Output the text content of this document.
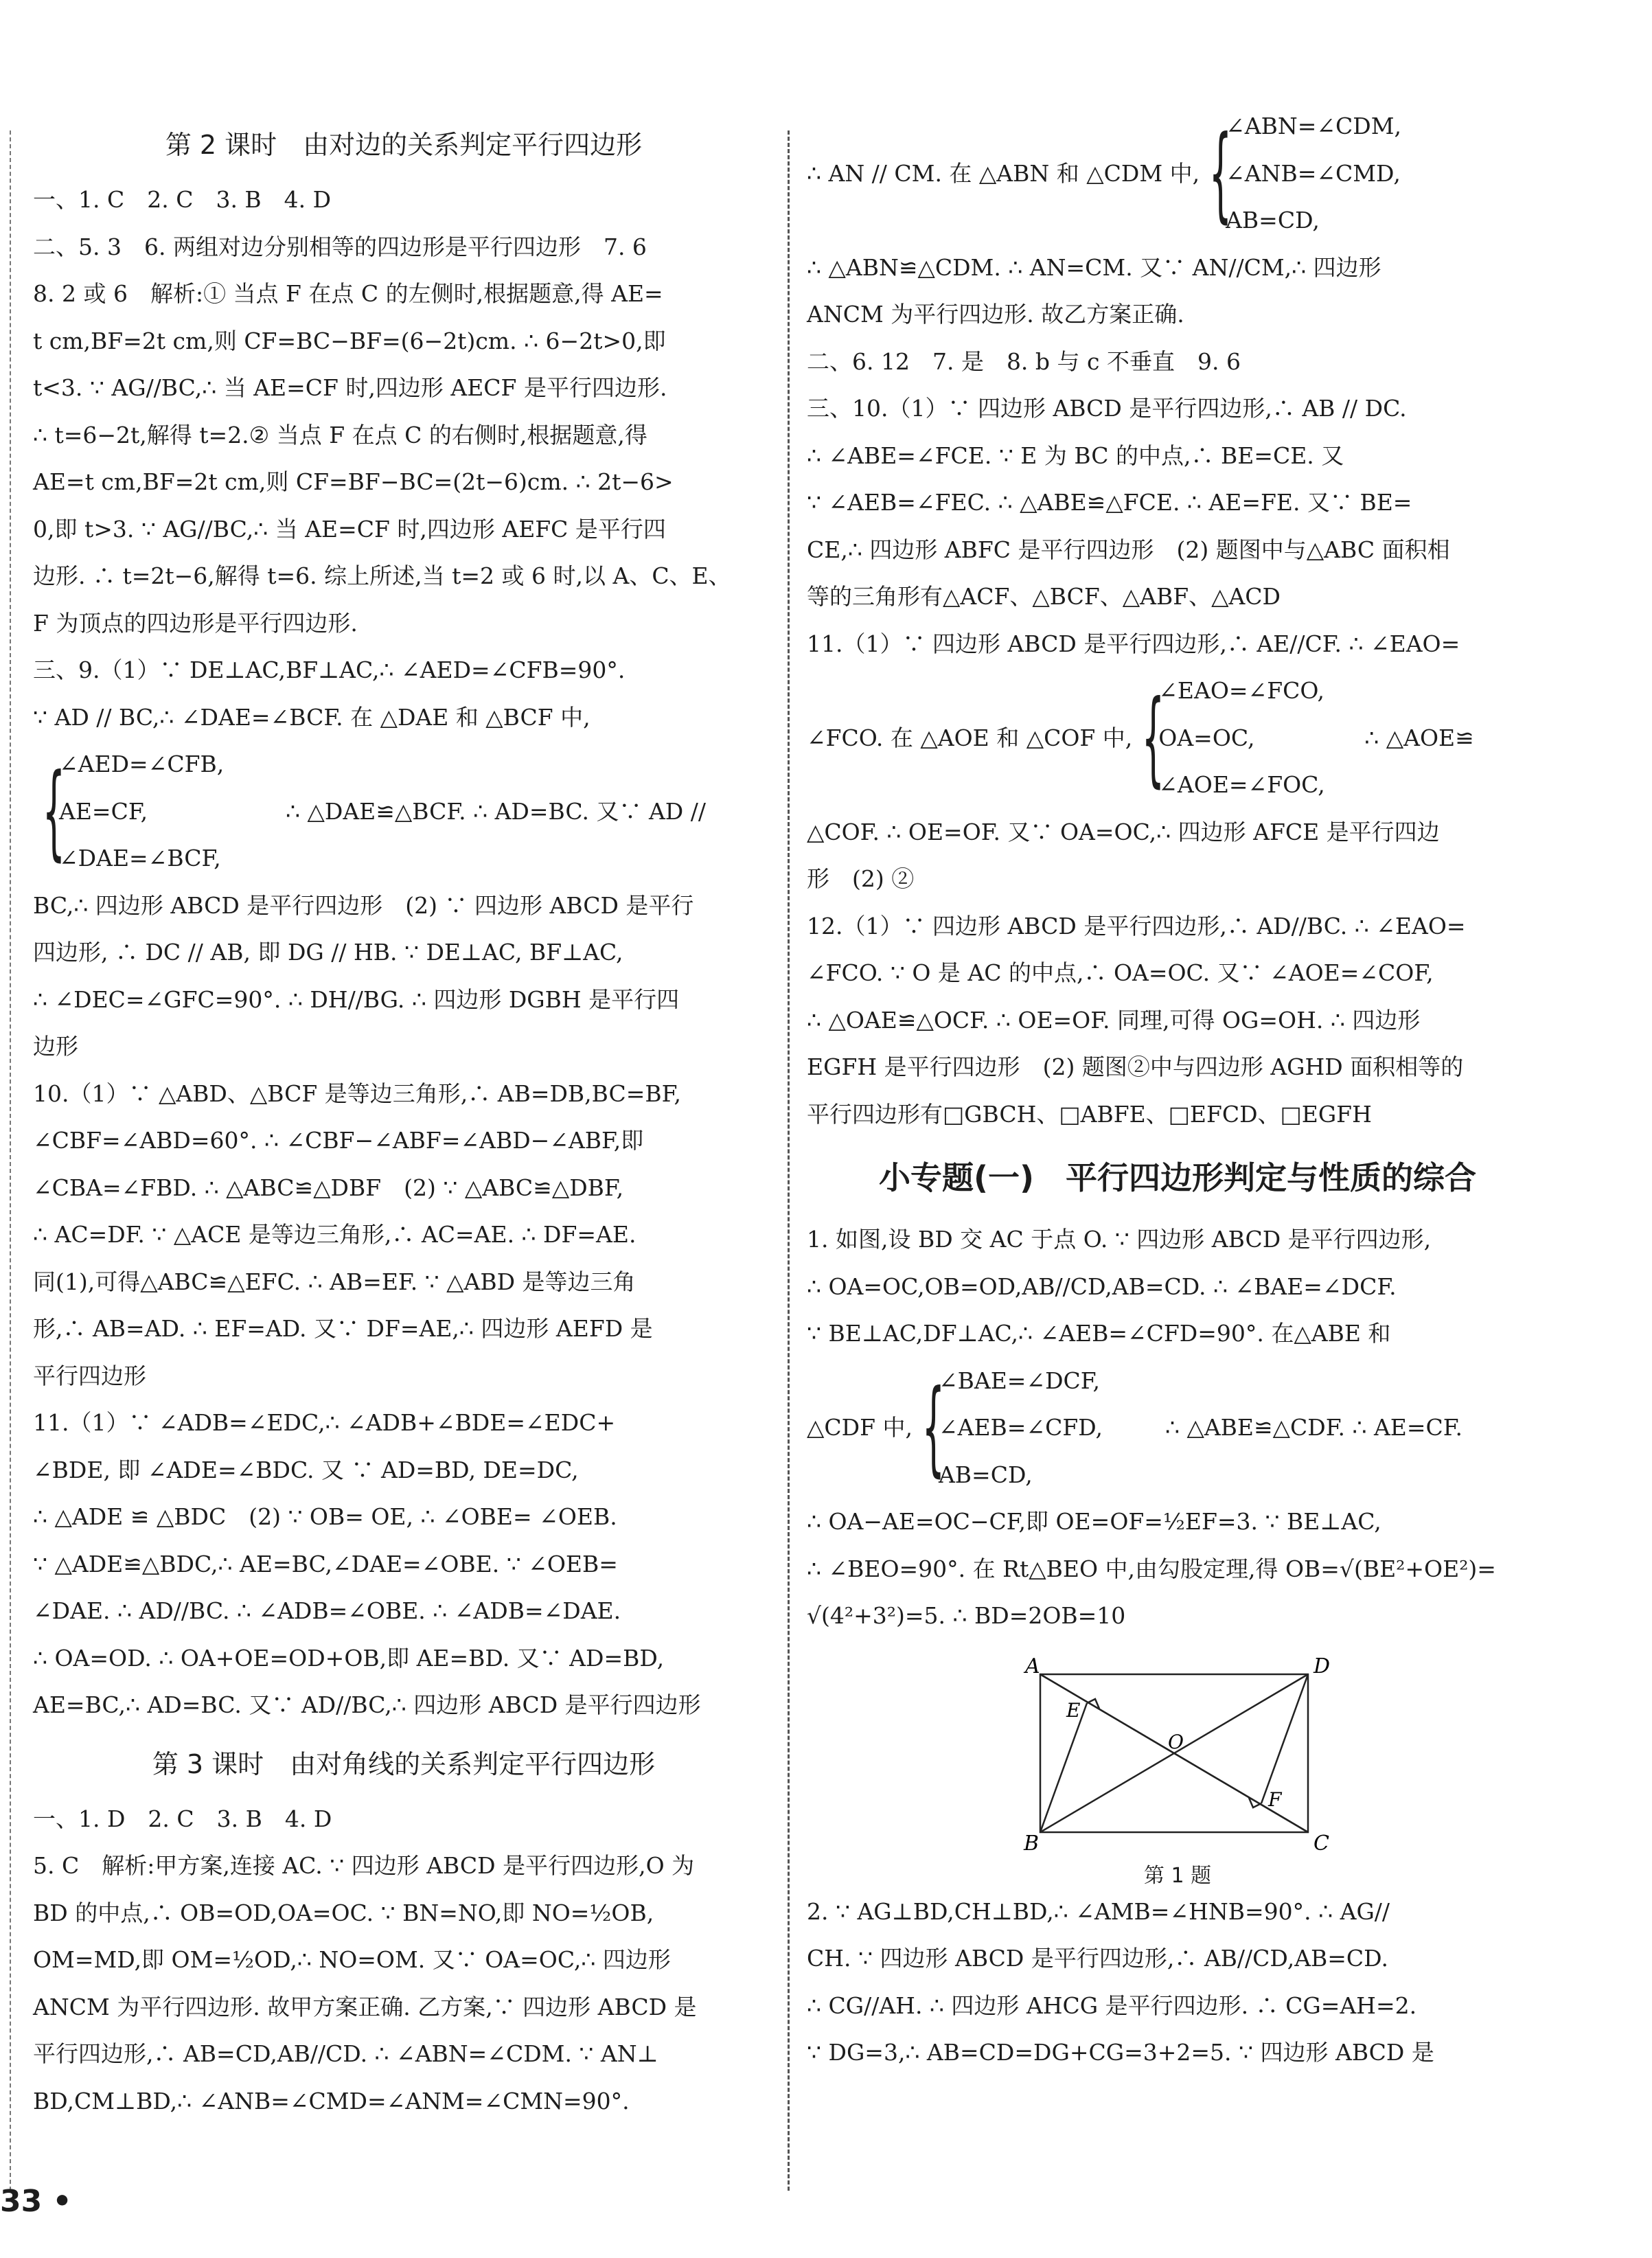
第 2 课时　由对边的关系判定平行四边形

一、1. C　2. C　3. B　4. D

二、5. 3　6. 两组对边分别相等的四边形是平行四边形　7. 6

8. 2 或 6　解析:① 当点 F 在点 C 的左侧时,根据题意,得 AE=

t cm,BF=2t cm,则 CF=BC−BF=(6−2t)cm. ∴ 6−2t>0,即

t<3. ∵ AG//BC,∴ 当 AE=CF 时,四边形 AECF 是平行四边形.

∴ t=6−2t,解得 t=2.② 当点 F 在点 C 的右侧时,根据题意,得

AE=t cm,BF=2t cm,则 CF=BF−BC=(2t−6)cm. ∴ 2t−6>

0,即 t>3. ∵ AG//BC,∴ 当 AE=CF 时,四边形 AEFC 是平行四

边形. ∴ t=2t−6,解得 t=6. 综上所述,当 t=2 或 6 时,以 A、C、E、

F 为顶点的四边形是平行四边形.

三、9.（1）∵ DE⊥AC,BF⊥AC,∴ ∠AED=∠CFB=90°.

∵ AD // BC,∴ ∠DAE=∠BCF. 在 △DAE 和 △BCF 中,

{
∠AED=∠CFB,
AE=CF,
∠DAE=∠BCF,
∴ △DAE≌△BCF. ∴ AD=BC. 又∵ AD //

BC,∴ 四边形 ABCD 是平行四边形　(2) ∵ 四边形 ABCD 是平行

四边形, ∴ DC // AB, 即 DG // HB. ∵ DE⊥AC, BF⊥AC,

∴ ∠DEC=∠GFC=90°. ∴ DH//BG. ∴ 四边形 DGBH 是平行四

边形

10.（1）∵ △ABD、△BCF 是等边三角形,∴ AB=DB,BC=BF,

∠CBF=∠ABD=60°. ∴ ∠CBF−∠ABF=∠ABD−∠ABF,即

∠CBA=∠FBD. ∴ △ABC≌△DBF　(2) ∵ △ABC≌△DBF,

∴ AC=DF. ∵ △ACE 是等边三角形,∴ AC=AE. ∴ DF=AE.

同(1),可得△ABC≌△EFC. ∴ AB=EF. ∵ △ABD 是等边三角

形,∴ AB=AD. ∴ EF=AD. 又∵ DF=AE,∴ 四边形 AEFD 是

平行四边形

11.（1）∵ ∠ADB=∠EDC,∴ ∠ADB+∠BDE=∠EDC+

∠BDE, 即 ∠ADE=∠BDC. 又 ∵ AD=BD, DE=DC,

∴ △ADE ≌ △BDC　(2) ∵ OB= OE, ∴ ∠OBE= ∠OEB.

∵ △ADE≌△BDC,∴ AE=BC,∠DAE=∠OBE. ∵ ∠OEB=

∠DAE. ∴ AD//BC. ∴ ∠ADB=∠OBE. ∴ ∠ADB=∠DAE.

∴ OA=OD. ∴ OA+OE=OD+OB,即 AE=BD. 又∵ AD=BD,

AE=BC,∴ AD=BC. 又∵ AD//BC,∴ 四边形 ABCD 是平行四边形

第 3 课时　由对角线的关系判定平行四边形

一、1. D　2. C　3. B　4. D

5. C　解析:甲方案,连接 AC. ∵ 四边形 ABCD 是平行四边形,O 为

BD 的中点,∴ OB=OD,OA=OC. ∵ BN=NO,即 NO=½OB,

OM=MD,即 OM=½OD,∴ NO=OM. 又∵ OA=OC,∴ 四边形

ANCM 为平行四边形. 故甲方案正确. 乙方案,∵ 四边形 ABCD 是

平行四边形,∴ AB=CD,AB//CD. ∴ ∠ABN=∠CDM. ∵ AN⊥

BD,CM⊥BD,∴ ∠ANB=∠CMD=∠ANM=∠CMN=90°.

∴ AN // CM. 在 △ABN 和 △CDM 中, {
∠ABN=∠CDM,
∠ANB=∠CMD,
AB=CD,

∴ △ABN≌△CDM. ∴ AN=CM. 又∵ AN//CM,∴ 四边形

ANCM 为平行四边形. 故乙方案正确.

二、6. 12　7. 是　8. b 与 c 不垂直　9. 6

三、10.（1）∵ 四边形 ABCD 是平行四边形,∴ AB // DC.

∴ ∠ABE=∠FCE. ∵ E 为 BC 的中点,∴ BE=CE. 又

∵ ∠AEB=∠FEC. ∴ △ABE≌△FCE. ∴ AE=FE. 又∵ BE=

CE,∴ 四边形 ABFC 是平行四边形　(2) 题图中与△ABC 面积相

等的三角形有△ACF、△BCF、△ABF、△ACD

11.（1）∵ 四边形 ABCD 是平行四边形,∴ AE//CF. ∴ ∠EAO=

∠FCO. 在 △AOE 和 △COF 中, {
∠EAO=∠FCO,
OA=OC,
∠AOE=∠FOC,
∴ △AOE≌

△COF. ∴ OE=OF. 又∵ OA=OC,∴ 四边形 AFCE 是平行四边

形　(2) ②

12.（1）∵ 四边形 ABCD 是平行四边形,∴ AD//BC. ∴ ∠EAO=

∠FCO. ∵ O 是 AC 的中点,∴ OA=OC. 又∵ ∠AOE=∠COF,

∴ △OAE≌△OCF. ∴ OE=OF. 同理,可得 OG=OH. ∴ 四边形

EGFH 是平行四边形　(2) 题图②中与四边形 AGHD 面积相等的

平行四边形有□GBCH、□ABFE、□EFCD、□EGFH

小专题(一)　平行四边形判定与性质的综合

1. 如图,设 BD 交 AC 于点 O. ∵ 四边形 ABCD 是平行四边形,

∴ OA=OC,OB=OD,AB//CD,AB=CD. ∴ ∠BAE=∠DCF.

∵ BE⊥AC,DF⊥AC,∴ ∠AEB=∠CFD=90°. 在△ABE 和

△CDF 中, {
∠BAE=∠DCF,
∠AEB=∠CFD,
AB=CD,
∴ △ABE≌△CDF. ∴ AE=CF.

∴ OA−AE=OC−CF,即 OE=OF=½EF=3. ∵ BE⊥AC,

∴ ∠BEO=90°. 在 Rt△BEO 中,由勾股定理,得 OB=√(BE²+OE²)=

√(4²+3²)=5. ∴ BD=2OB=10

A	D
B	C
E
F
O
第 1 题

2. ∵ AG⊥BD,CH⊥BD,∴ ∠AMB=∠HNB=90°. ∴ AG//

CH. ∵ 四边形 ABCD 是平行四边形,∴ AB//CD,AB=CD.

∴ CG//AH. ∴ 四边形 AHCG 是平行四边形. ∴ CG=AH=2.

∵ DG=3,∴ AB=CD=DG+CG=3+2=5. ∵ 四边形 ABCD 是

33 •
